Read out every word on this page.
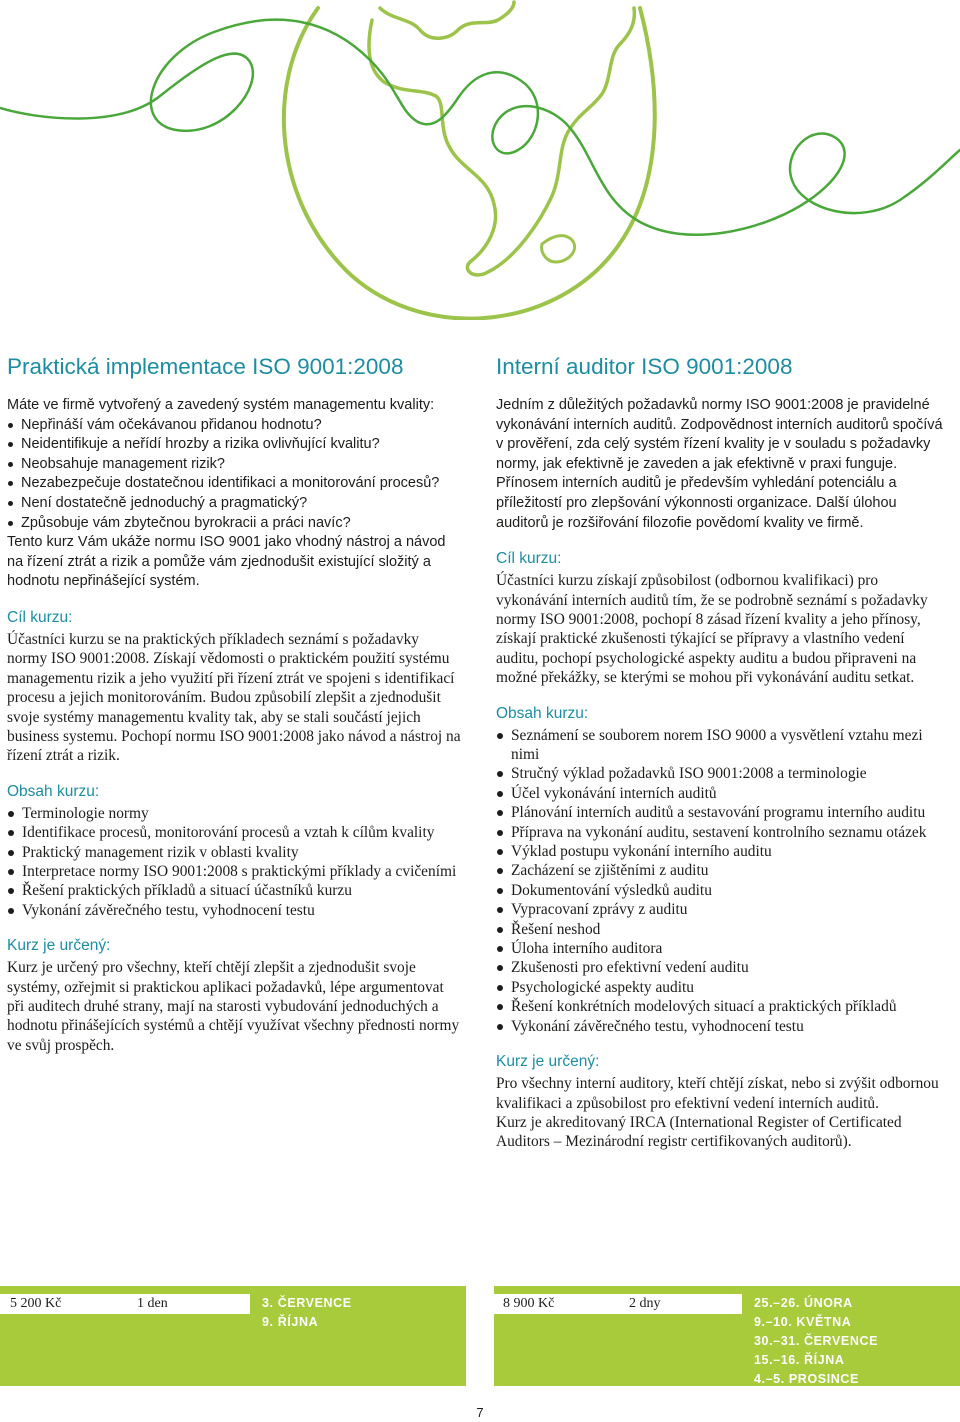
Praktická implementace ISO 9001:2008

Máte ve firmě vytvořený a zavedený systém managementu kvality:

Nepřináší vám očekávanou přidanou hodnotu?
Neidentifikuje a neřídí hrozby a rizika ovlivňující kvalitu?
Neobsahuje management rizik?
Nezabezpečuje dostatečnou identifikaci a monitorování procesů?
Není dostatečně jednoduchý a pragmatický?
Způsobuje vám zbytečnou byrokracii a práci navíc?

Tento kurz Vám ukáže normu ISO 9001 jako vhodný nástroj a návod na řízení ztrát a rizik a pomůže vám zjednodušit existující složitý a hodnotu nepřinášející systém.

Cíl kurzu:

Účastníci kurzu se na praktických příkladech seznámí s požadavky normy ISO 9001:2008. Získají vědomosti o praktickém použití systému managementu rizik a jeho využití při řízení ztrát ve spojeni s identifikací procesu a jejich monitorováním. Budou způsobilí zlepšit a zjednodušit svoje systémy managementu kvality tak, aby se stali součástí jejich business systemu. Pochopí normu ISO 9001:2008 jako návod a nástroj na řízení ztrát a rizik.

Obsah kurzu:
Terminologie normy
Identifikace procesů, monitorování procesů a vztah k cílům kvality
Praktický management rizik v oblasti kvality
Interpretace normy ISO 9001:2008 s praktickými příklady a cvičeními
Řešení praktických příkladů a situací účastníků kurzu
Vykonání závěrečného testu, vyhodnocení testu
Kurz je určený:

Kurz je určený pro všechny, kteří chtějí zlepšit a zjednodušit svoje systémy, ozřejmit si praktickou aplikaci požadavků, lépe argumentovat při auditech druhé strany, mají na starosti vybudování jednoduchých a hodnotu přinášejících systémů a chtějí využívat všechny přednosti normy ve svůj prospěch.

Interní auditor ISO 9001:2008

Jedním z důležitých požadavků normy ISO 9001:2008 je pravidelné vykonávání interních auditů. Zodpovědnost interních auditorů spočívá v prověření, zda celý systém řízení kvality je v souladu s požadavky normy, jak efektivně je zaveden a jak efektivně v praxi funguje. Přínosem interních auditů je především vyhledání potenciálu a příležitostí pro zlepšování výkonnosti organizace. Další úlohou auditorů je rozšiřování filozofie povědomí kvality ve firmě.

Cíl kurzu:

Účastníci kurzu získají způsobilost (odbornou kvalifikaci) pro vykonávání interních auditů tím, že se podrobně seznámí s požadavky normy ISO 9001:2008, pochopí 8 zásad řízení kvality a jeho přínosy, získají praktické zkušenosti týkající se přípravy a vlastního vedení auditu, pochopí psychologické aspekty auditu a budou připraveni na možné překážky, se kterými se mohou při vykonávání auditu setkat.

Obsah kurzu:
Seznámení se souborem norem ISO 9000 a vysvětlení vztahu mezi nimi
Stručný výklad požadavků ISO 9001:2008 a terminologie
Účel vykonávání interních auditů
Plánování interních auditů a sestavování programu interního auditu
Příprava na vykonání auditu, sestavení kontrolního seznamu otázek
Výklad postupu vykonání interního auditu
Zacházení se zjištěními z auditu
Dokumentování výsledků auditu
Vypracovaní zprávy z auditu
Řešení neshod
Úloha interního auditora
Zkušenosti pro efektivní vedení auditu
Psychologické aspekty auditu
Řešení konkrétních modelových situací a praktických příkladů
Vykonání závěrečného testu, vyhodnocení testu
Kurz je určený:

Pro všechny interní auditory, kteří chtějí získat, nebo si zvýšit odbornou kvalifikaci a způsobilost pro efektivní vedení interních auditů.

Kurz je akreditovaný IRCA (International Register of Certificated Auditors – Mezinárodní registr certifikovaných auditorů).

5 200 Kč	1 den	3. ČERVENCE
9. ŘÍJNA
8 900 Kč	2 dny	25.–26. ÚNORA
9.–10. KVĚTNA
30.–31. ČERVENCE
15.–16. ŘÍJNA
4.–5. PROSINCE
7
